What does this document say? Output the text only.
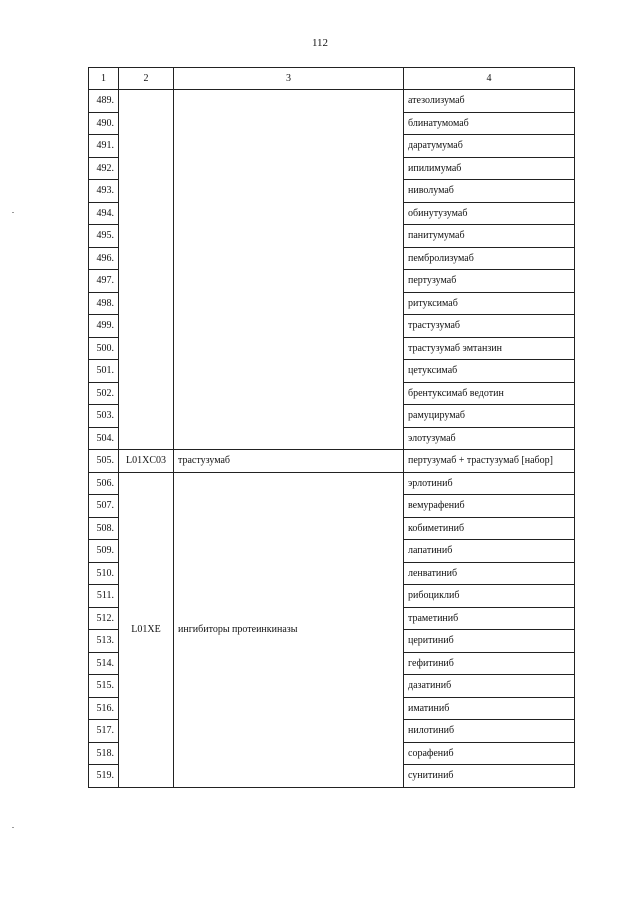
112
1	2	3	4
489.			атезолизумаб
490.			блинатумомаб
491.			даратумумаб
492.			ипилимумаб
493.			ниволумаб
494.			обинутузумаб
495.			панитумумаб
496.			пембролизумаб
497.			пертузумаб
498.			ритуксимаб
499.			трастузумаб
500.			трастузумаб эмтанзин
501.			цетуксимаб
502.			брентуксимаб ведотин
503.			рамуцирумаб
504.			элотузумаб
505.	L01XC03	трастузумаб	пертузумаб + трастузумаб [набор]
506.	L01XE	ингибиторы протеинкиназы	эрлотиниб
507.			вемурафениб
508.			кобиметиниб
509.			лапатиниб
510.			ленватиниб
511.			рибоциклиб
512.			траметиниб
513.			церитиниб
514.			гефитиниб
515.			дазатиниб
516.			иматиниб
517.			нилотиниб
518.			сорафениб
519.			сунитиниб
